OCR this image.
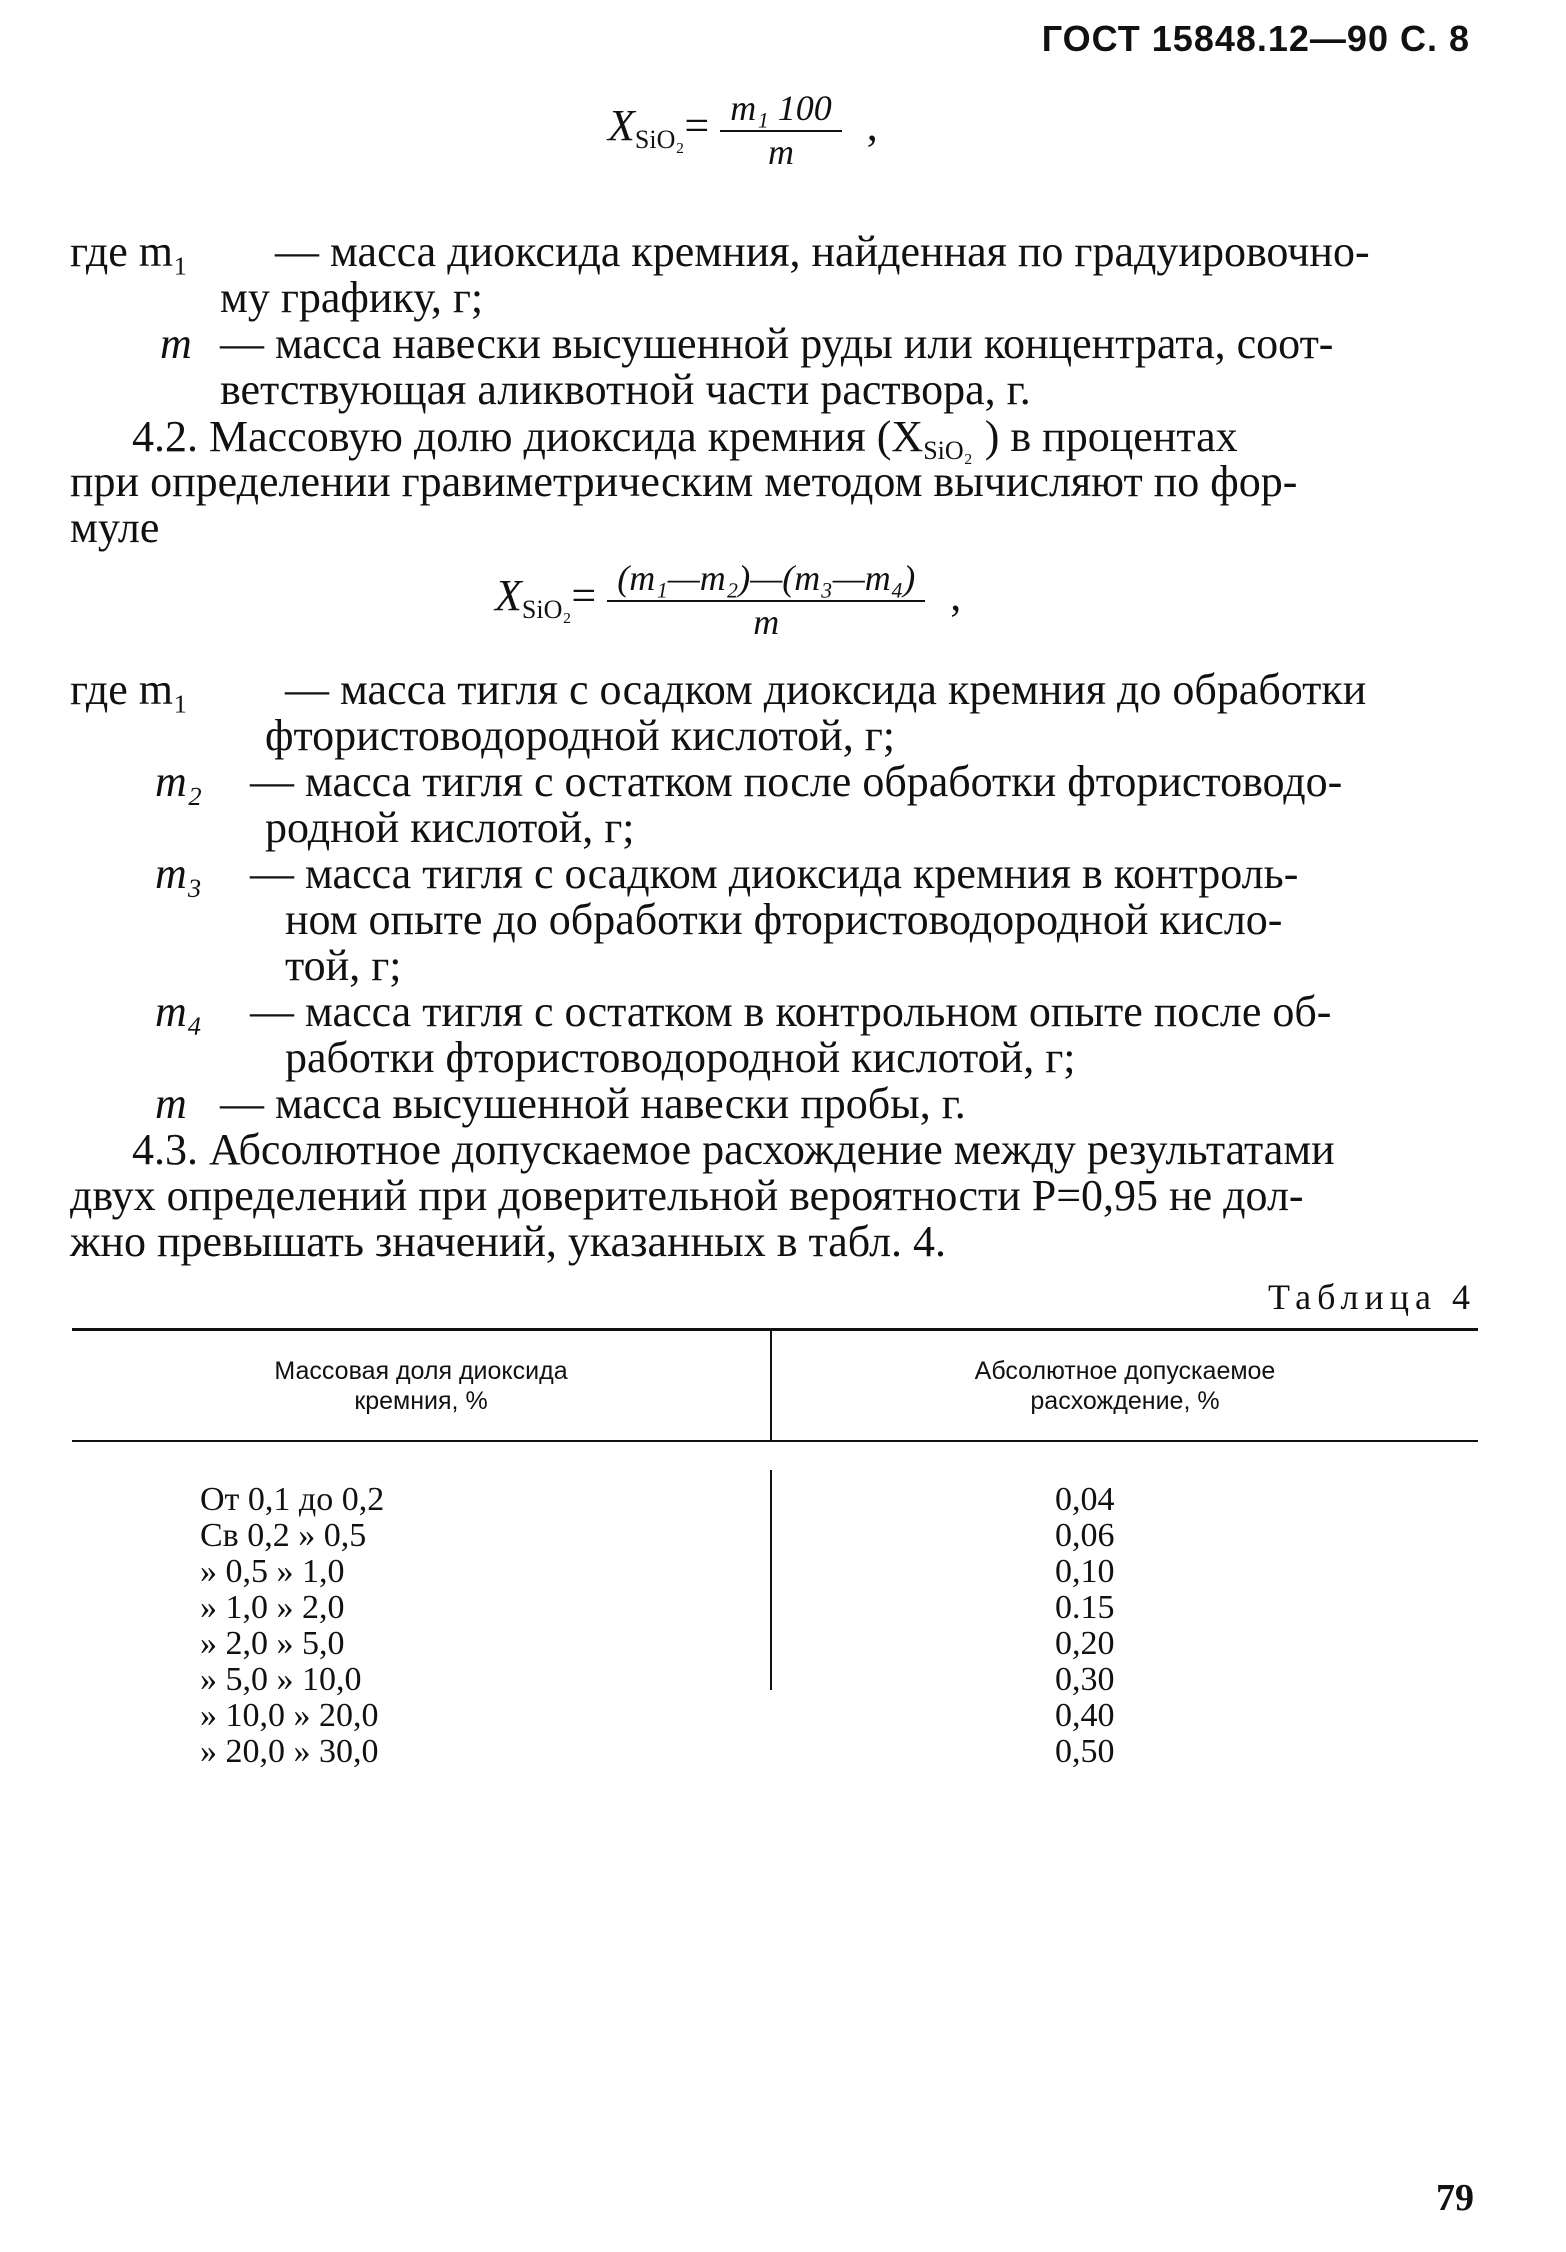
ГОСТ 15848.12—90 С. 8
$X_{SiO_2}= \frac{\text{m₁ 100}}{m}$ ,
где m₁ — масса диоксида кремния, найденная по градуировочно-
му графику, г;
m — масса навески высушенной руды или концентрата, соот-
ветствующая аликвотной части раствора, г.
4.2. Массовую долю диоксида кремния ($X_{SiO_2}$ ) в процентах
при определении гравиметрическим методом вычисляют по фор-
муле
$X_{SiO_2}= \frac{\text{(m₁—m₂)—(m₃—m₄)}}{m}$ ,
где m₁ — масса тигля с осадком диоксида кремния до обработки
фтористоводородной кислотой, г;
m₂ — масса тигля с остатком после обработки фтористоводо-
родной кислотой, г;
m₃ — масса тигля с осадком диоксида кремния в контроль-
ном опыте до обработки фтористоводородной кисло-
той, г;
m₄ — масса тигля с остатком в контрольном опыте после об-
работки фтористоводородной кислотой, г;
m — масса высушенной навески пробы, г.
4.3. Абсолютное допускаемое расхождение между результатами
двух определений при доверительной вероятности P=0,95 не дол-
жно превышать значений, указанных в табл. 4.
Таблица 4
Массовая доля диоксида
кремния, %
Абсолютное допускаемое
расхождение, %
От 0,1 до 0,2
Св 0,2 » 0,5
» 0,5 » 1,0
» 1,0 » 2,0
» 2,0 » 5,0
» 5,0 » 10,0
» 10,0 » 20,0
» 20,0 » 30,0
0,04
0,06
0,10
0.15
0,20
0,30
0,40
0,50
79
